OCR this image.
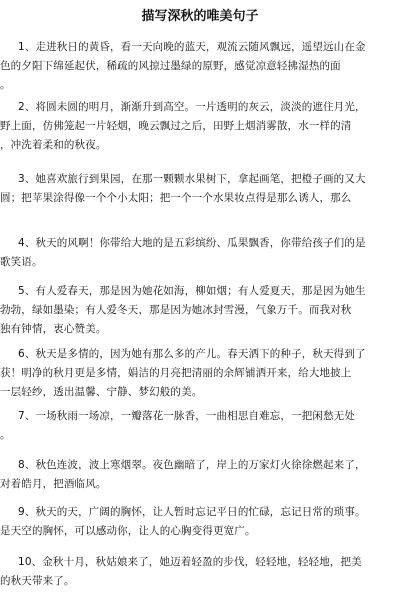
描写深秋的唯美句子
1、走进秋日的黄昏，看一天向晚的蓝天，观流云随风飘远，遥望远山在金
色的夕阳下绵延起伏，稀疏的风掠过墨绿的原野，感觉凉意轻拂湿热的面
。
2、将圆未圆的明月，渐渐升到高空。一片透明的灰云，淡淡的遮住月光，
野上面，仿佛笼起一片轻烟，晚云飘过之后，田野上烟消雾散，水一样的清
，冲洗着柔和的秋夜。
3、她喜欢旅行到果园，在那一颗颗水果树下，拿起画笔，把橙子画的又大
圆；把苹果涂得像一个个小太阳；把一个一个水果妆点得是那么诱人，那么
4、秋天的风啊！你带给大地的是五彩缤纷、瓜果飘香，你带给孩子们的是
歌笑语。
5、有人爱春天，那是因为她花如海，柳如烟；有人爱夏天，那是因为她生
勃勃，绿如墨染；有人爱冬天，那是因为她冰封雪漫，气象万千。而我对秋
独有钟情，衷心赞美。
6、秋天是多情的，因为她有那么多的产儿。春天洒下的种子，秋天得到了
获！明净的秋月更是多情，娟洁的月亮把清丽的余辉铺洒开来，给大地披上
一层轻纱，透出温馨、宁静、梦幻般的美。
7、一场秋雨一场凉，一瓣落花一脉香，一曲相思自难忘，一把闲愁无处
。
8、秋色连波，波上寒烟翠。夜色幽暗了，岸上的万家灯火徐徐燃起来了，
对着皓月，把酒临风。
9、秋天的天，广阔的胸怀，让人暂时忘记平日的忙碌，忘记日常的琐事。
是天空的胸怀，可以感动你，让人的心胸变得更宽广。
10、金秋十月，秋姑娘来了，她迈着轻盈的步伐，轻轻地，轻轻地，把美
的秋天带来了。
